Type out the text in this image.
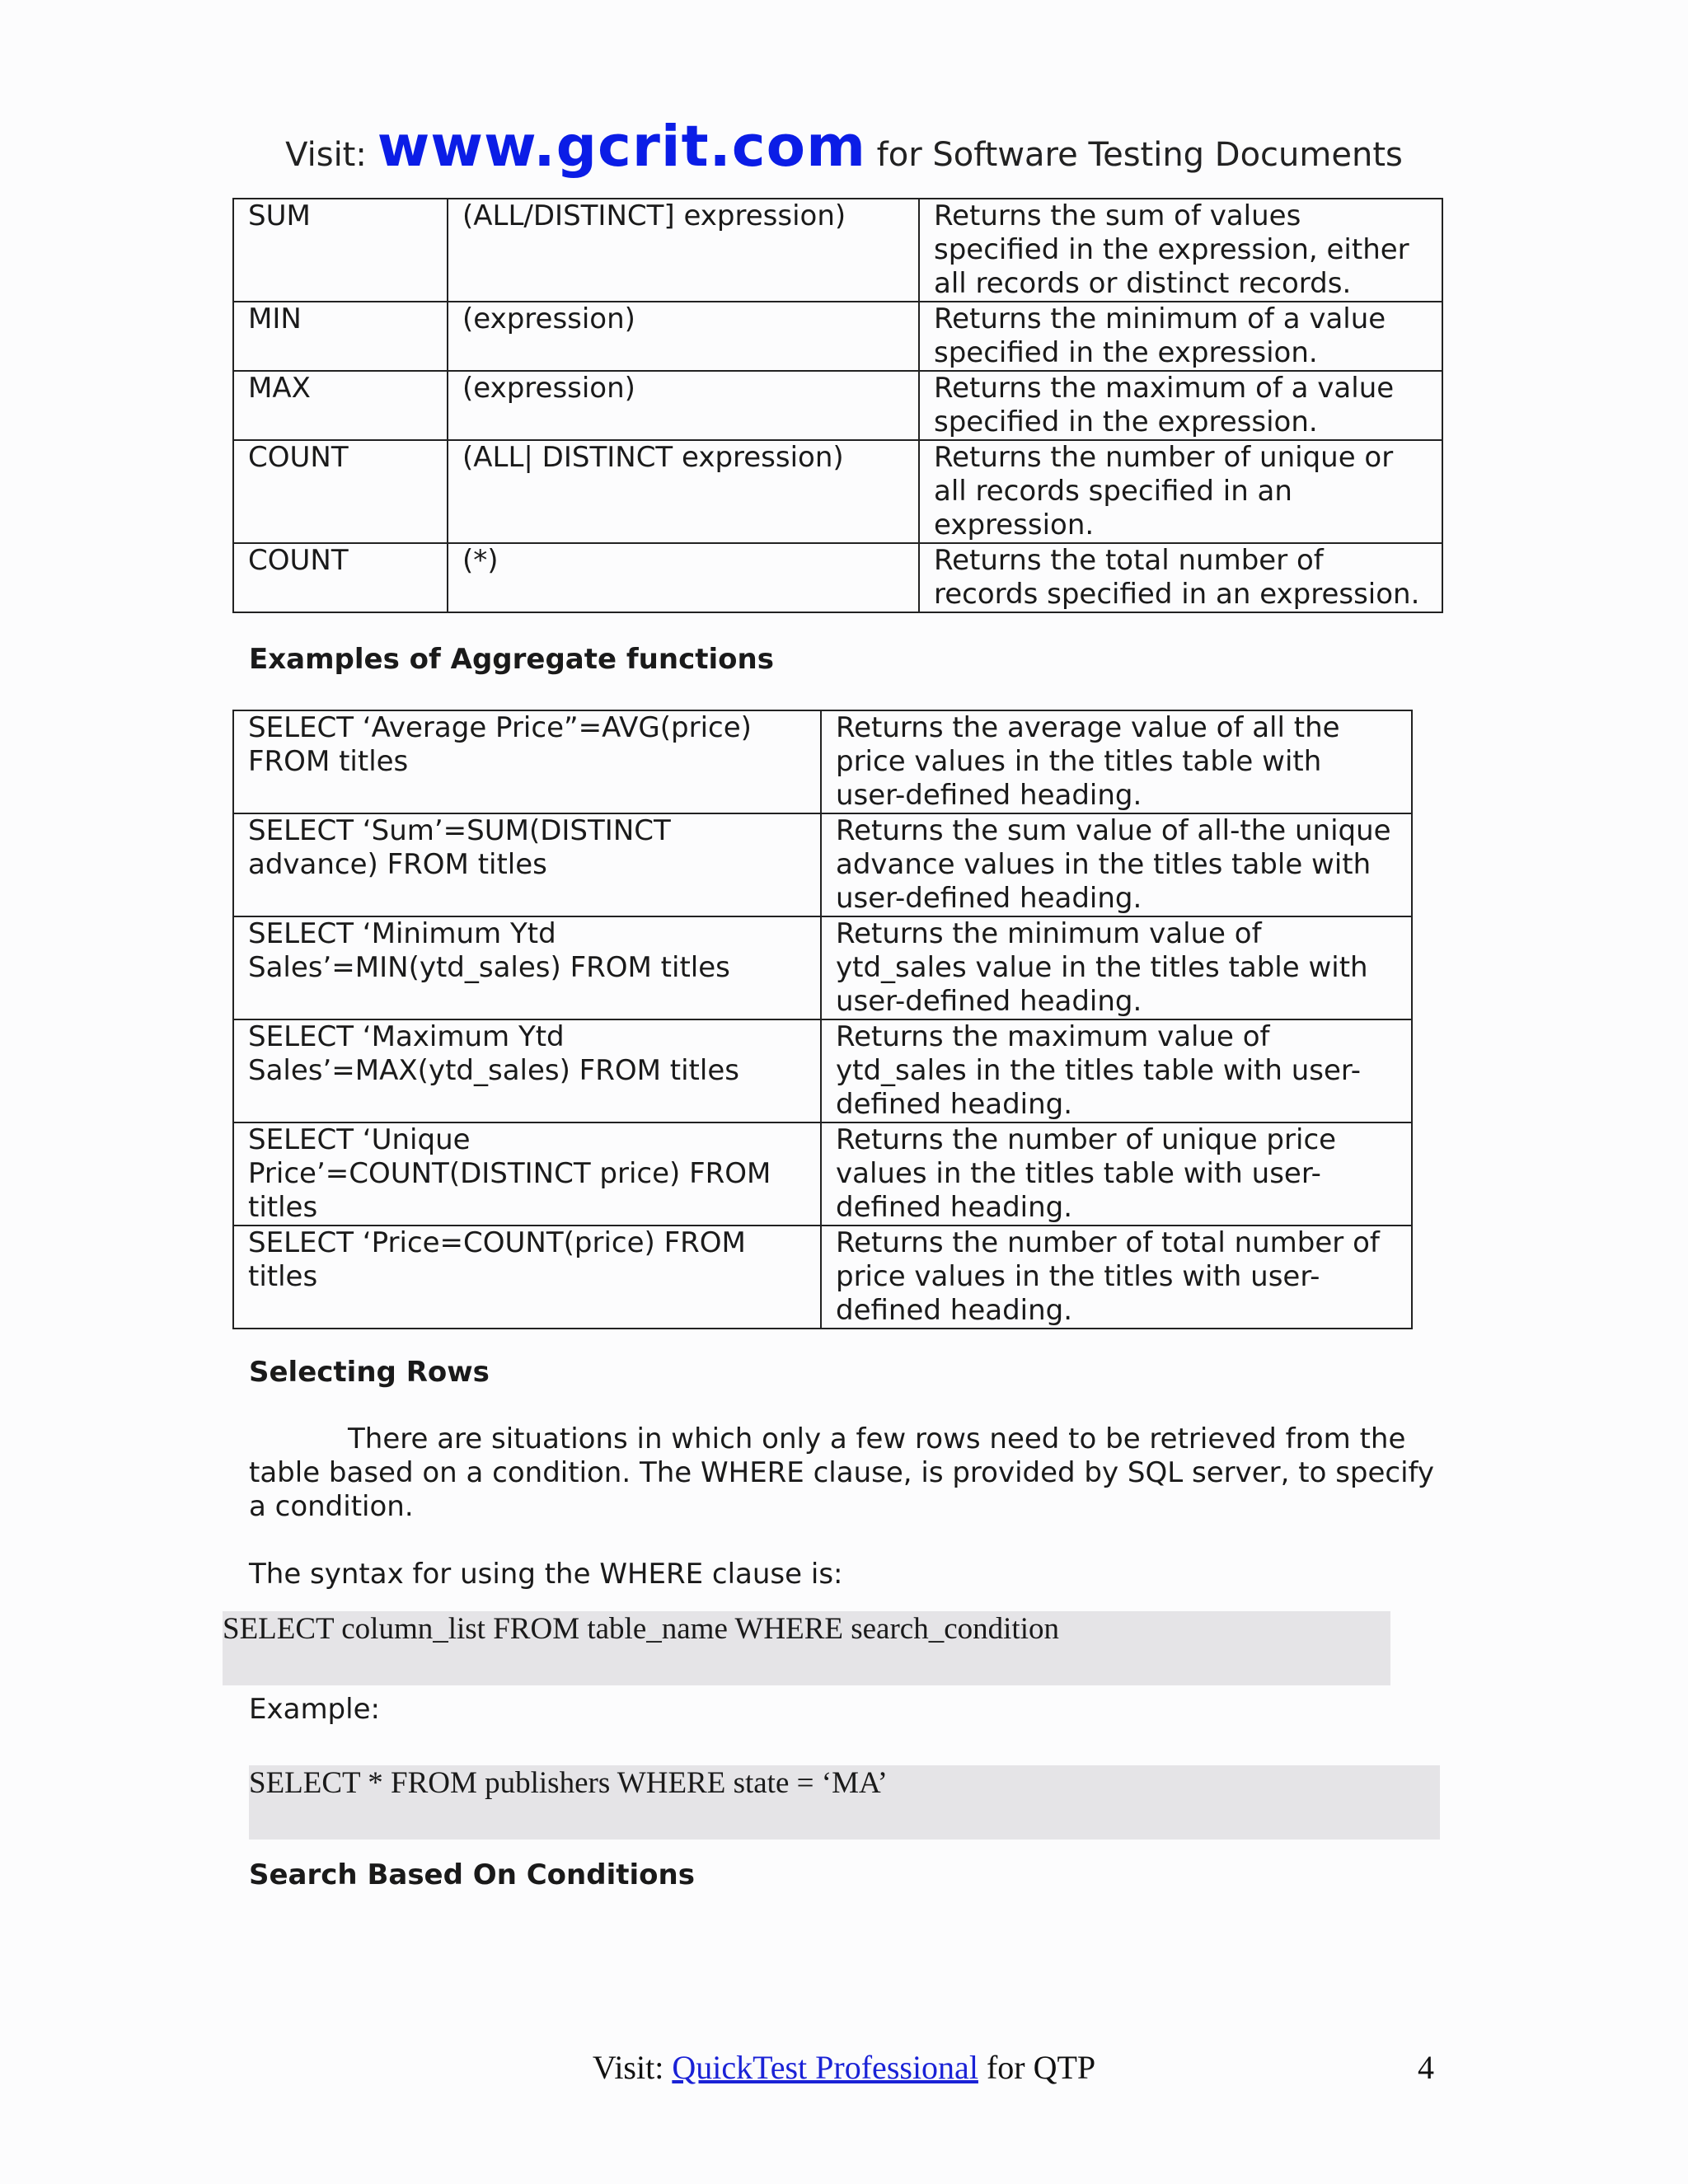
Visit: www.gcrit.com for Software Testing Documents
SUM	(ALL/DISTINCT] expression)	Returns the sum of values specified in the expression, either all records or distinct records.
MIN	(expression)	Returns the minimum of a value specified in the expression.
MAX	(expression)	Returns the maximum of a value specified in the expression.
COUNT	(ALL| DISTINCT expression)	Returns the number of unique or all records specified in an expression.
COUNT	(*)	Returns the total number of records specified in an expression.
Examples of Aggregate functions
SELECT ‘Average Price”=AVG(price) FROM titles	Returns the average value of all the price values in the titles table with user-defined heading.
SELECT ‘Sum’=SUM(DISTINCT advance) FROM titles	Returns the sum value of all-the unique advance values in the titles table with user-defined heading.
SELECT ‘Minimum Ytd Sales’=MIN(ytd_sales) FROM titles	Returns the minimum value of ytd_sales value in the titles table with user-defined heading.
SELECT ‘Maximum Ytd Sales’=MAX(ytd_sales) FROM titles	Returns the maximum value of ytd_sales in the titles table with user-defined heading.
SELECT ‘Unique Price’=COUNT(DISTINCT price) FROM titles	Returns the number of unique price values in the titles table with user-defined heading.
SELECT ‘Price=COUNT(price) FROM titles	Returns the number of total number of price values in the titles with user-defined heading.
Selecting Rows
There are situations in which only a few rows need to be retrieved from the table based on a condition. The WHERE clause, is provided by SQL server, to specify a condition.
The syntax for using the WHERE clause is:
SELECT column_list FROM table_name WHERE search_condition
Example:
SELECT * FROM publishers WHERE state = ‘MA’
Search Based On Conditions
Visit: QuickTest Professional for QTP	4
